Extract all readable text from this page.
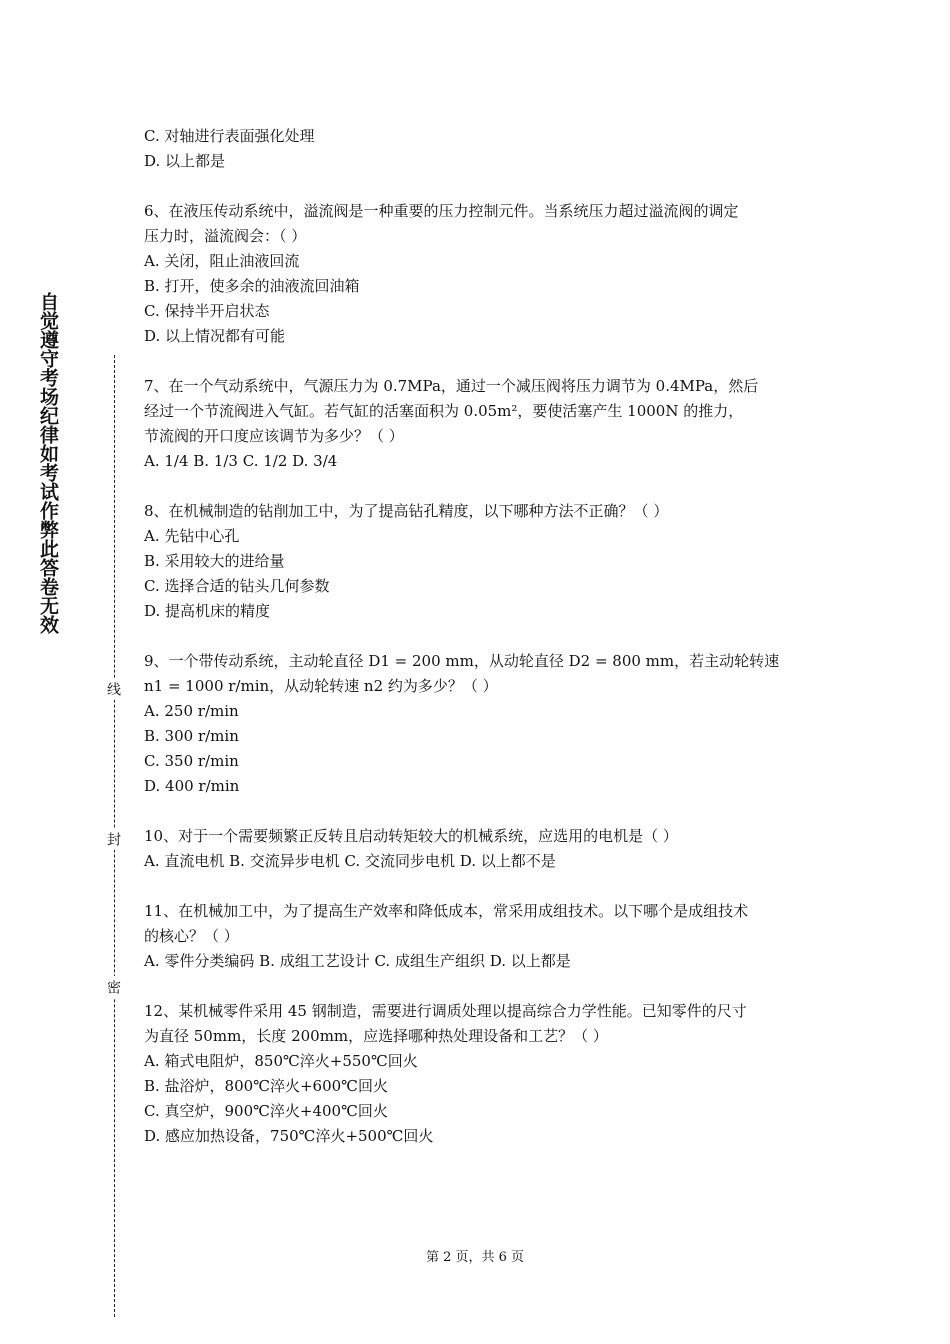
自觉遵守考场纪律如考试作弊此答卷无效
线
封
密
C. 对轴进行表面强化处理
D. 以上都是
6、在液压传动系统中，溢流阀是一种重要的压力控制元件。当系统压力超过溢流阀的调定
压力时，溢流阀会：（ ）
A. 关闭，阻止油液回流
B. 打开，使多余的油液流回油箱
C. 保持半开启状态
D. 以上情况都有可能
7、在一个气动系统中，气源压力为 0.7MPa，通过一个减压阀将压力调节为 0.4MPa，然后
经过一个节流阀进入气缸。若气缸的活塞面积为 0.05m²，要使活塞产生 1000N 的推力，
节流阀的开口度应该调节为多少？（ ）
A. 1/4 B. 1/3 C. 1/2 D. 3/4
8、在机械制造的钻削加工中，为了提高钻孔精度，以下哪种方法不正确？（ ）
A. 先钻中心孔
B. 采用较大的进给量
C. 选择合适的钻头几何参数
D. 提高机床的精度
9、一个带传动系统，主动轮直径 D1 = 200 mm，从动轮直径 D2 = 800 mm，若主动轮转速
n1 = 1000 r/min，从动轮转速 n2 约为多少？（ ）
A. 250 r/min
B. 300 r/min
C. 350 r/min
D. 400 r/min
10、对于一个需要频繁正反转且启动转矩较大的机械系统，应选用的电机是（ ）
A. 直流电机 B. 交流异步电机 C. 交流同步电机 D. 以上都不是
11、在机械加工中，为了提高生产效率和降低成本，常采用成组技术。以下哪个是成组技术
的核心？（ ）
A. 零件分类编码 B. 成组工艺设计 C. 成组生产组织 D. 以上都是
12、某机械零件采用 45 钢制造，需要进行调质处理以提高综合力学性能。已知零件的尺寸
为直径 50mm，长度 200mm，应选择哪种热处理设备和工艺？（ ）
A. 箱式电阻炉，850℃淬火+550℃回火
B. 盐浴炉，800℃淬火+600℃回火
C. 真空炉，900℃淬火+400℃回火
D. 感应加热设备，750℃淬火+500℃回火
第 2 页，共 6 页
